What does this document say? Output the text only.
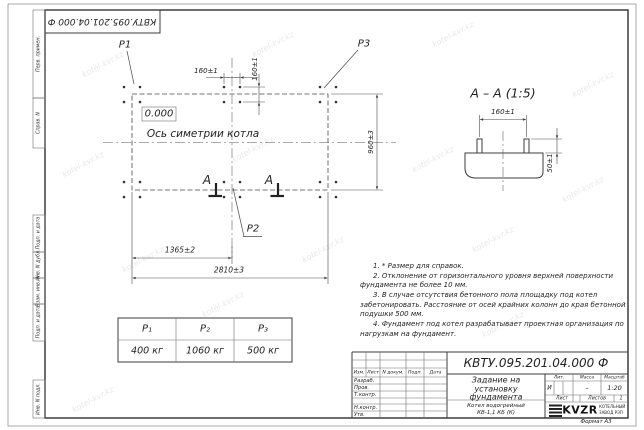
kotel-kvr.kz
kotel-kvr.kz	kotel-kvr.kz
kotel-kvr.kz
kotel-kvr.kz
kotel-kvr.kz	kotel-kvr.kz
kotel-kvr.kz
kotel-kvr.kz	kotel-kvr.kz	kotel-kvr.kz
kotel-kvr.kz
kotel-kvr.kz
kotel-kvr.kz
Перв. примен.
Справ. N
Подп. и дата
Инв. N дубл.
Взам. инв. N
Подп. и дата
Инв. N подл.
КВТУ.095.201.04.000 Ф
P1	P3
P2
0.000
Ось симетрии котла
А	А
160±1	160±1
960±3
1365±2
2810±3
А – А (1:5)
160±1
50±1
P₁	P₂	P₃
400 кг 1060 кг 500 кг
1. * Размер для справок.
2. Отклонение от горизонтального уровня верхней поверхности фундамента не более 10 мм.
3. В случае отсутствия бетонного пола площадку под котел забетонировать. Расстояние от осей крайних колонн до края бетонной подушки 500 мм.
4. Фундамент под котел разрабатывает проектная организация по нагрузкам на фундамент.
КВТУ.095.201.04.000 Ф
Изм. Лист N докум. Подп. Дата
Разраб.
Пров.
Т.контр.
Н.контр.
Утв.
Задание на
установку
фундамента
Котел водогрейный
КВ-1,1 КБ (К)
Лит.	Масса Масштаб
И	–	1:20
Лист	Листов	1
KVZR КОТЕЛЬНЫЙ
ЗАВОД РЭП
Формат А3
